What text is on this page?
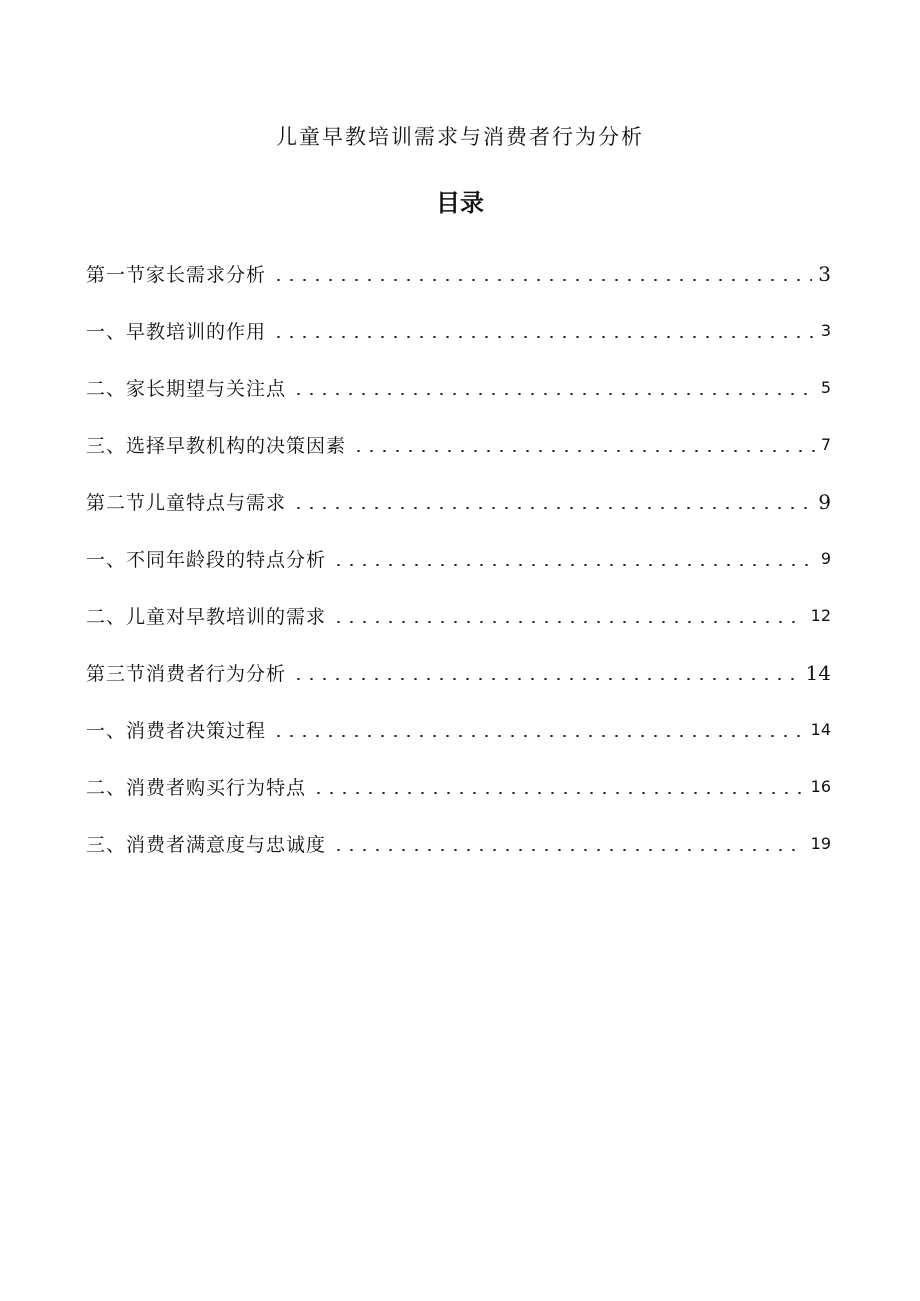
儿童早教培训需求与消费者行为分析
目录
第一节家长需求分析	3
一、早教培训的作用	3
二、家长期望与关注点	5
三、选择早教机构的决策因素	7
第二节儿童特点与需求	9
一、不同年龄段的特点分析	9
二、儿童对早教培训的需求	12
第三节消费者行为分析	14
一、消费者决策过程	14
二、消费者购买行为特点	16
三、消费者满意度与忠诚度	19
